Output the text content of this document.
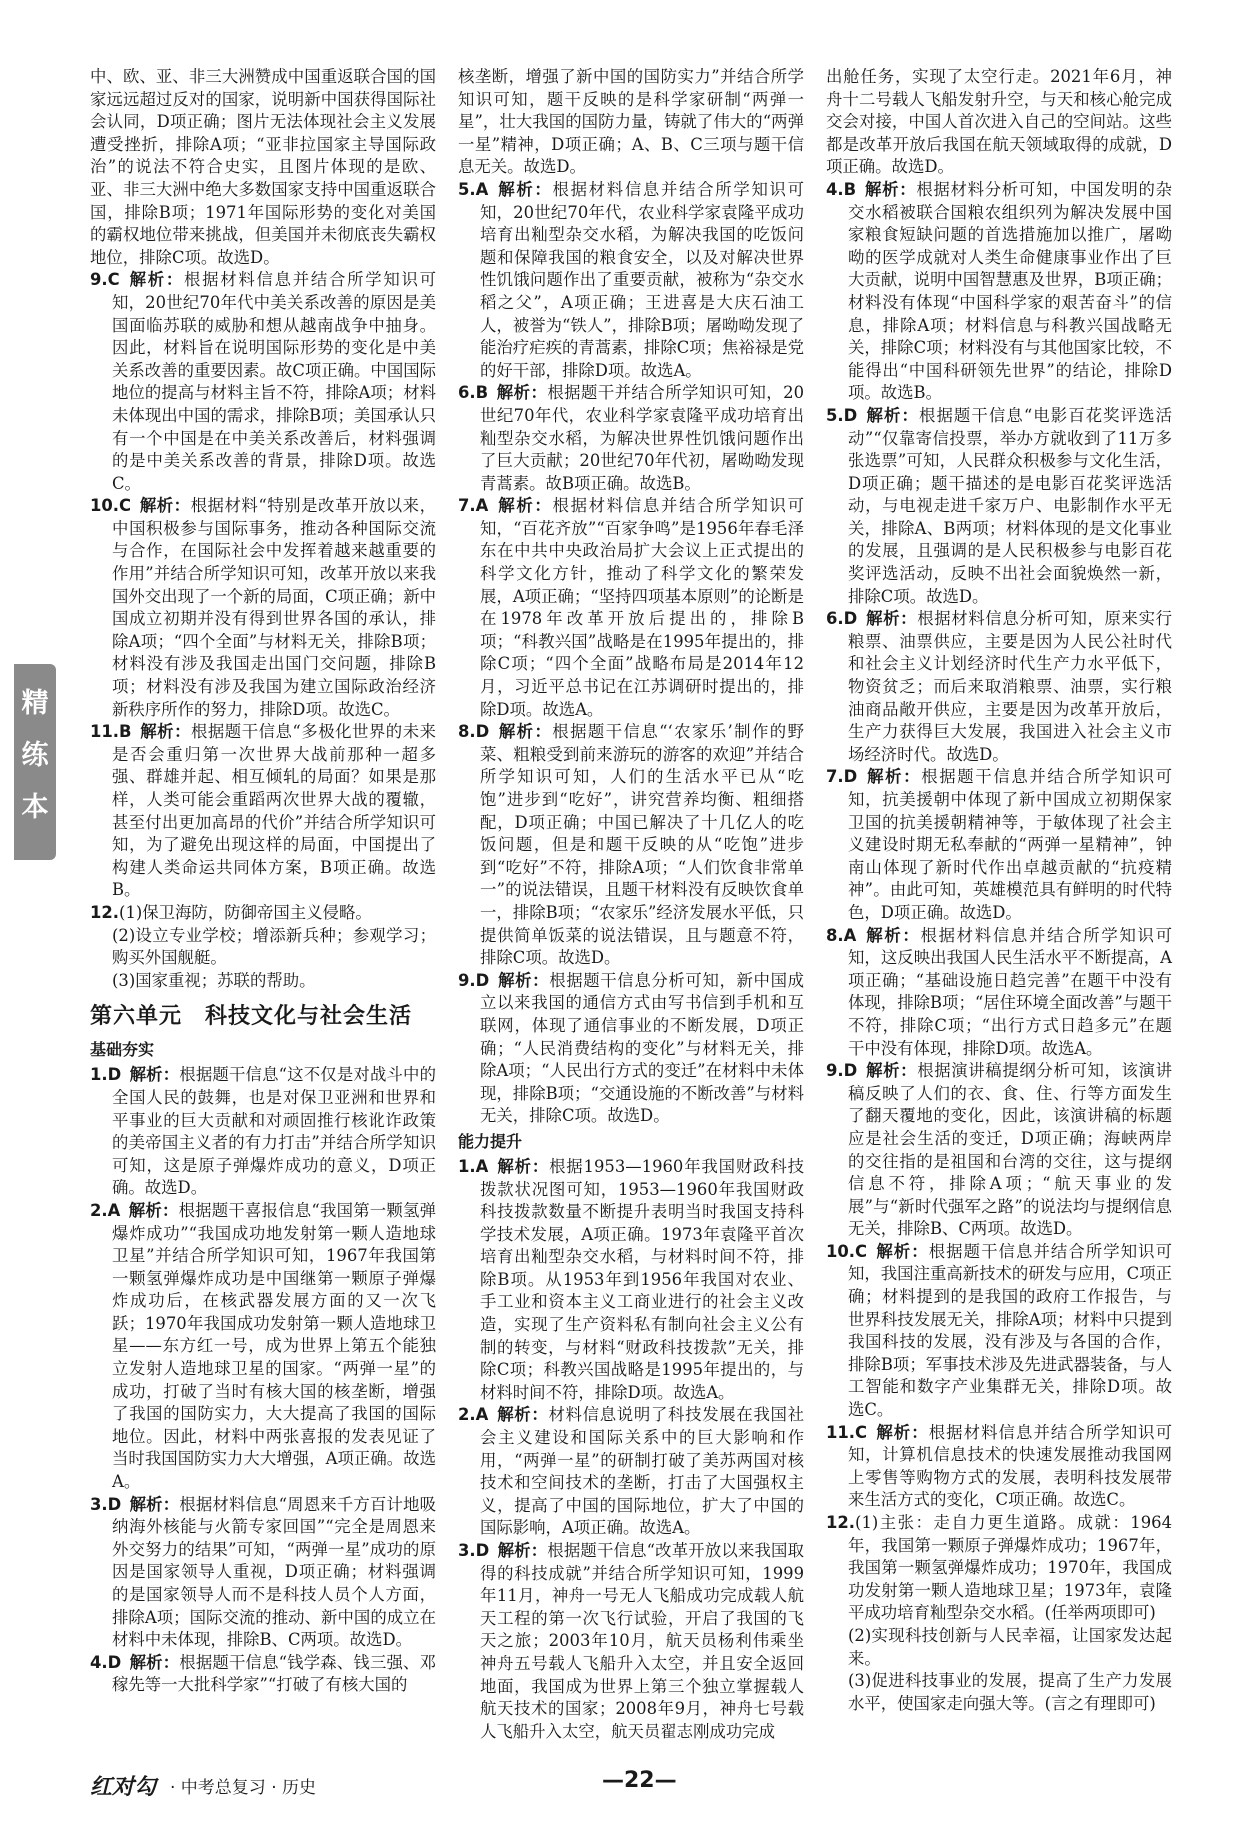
精练本

中、欧、亚、非三大洲赞成中国重返联合国的国家远远超过反对的国家，说明新中国获得国际社会认同，D项正确；图片无法体现社会主义发展遭受挫折，排除A项；“亚非拉国家主导国际政治”的说法不符合史实，且图片体现的是欧、亚、非三大洲中绝大多数国家支持中国重返联合国，排除B项；1971年国际形势的变化对美国的霸权地位带来挑战，但美国并未彻底丧失霸权地位，排除C项。故选D。

9.C  解析：根据材料信息并结合所学知识可知，20世纪70年代中美关系改善的原因是美国面临苏联的威胁和想从越南战争中抽身。因此，材料旨在说明国际形势的变化是中美关系改善的重要因素。故C项正确。中国国际地位的提高与材料主旨不符，排除A项；材料未体现出中国的需求，排除B项；美国承认只有一个中国是在中美关系改善后，材料强调的是中美关系改善的背景，排除D项。故选C。

10.C  解析：根据材料“特别是改革开放以来，中国积极参与国际事务，推动各种国际交流与合作，在国际社会中发挥着越来越重要的作用”并结合所学知识可知，改革开放以来我国外交出现了一个新的局面，C项正确；新中国成立初期并没有得到世界各国的承认，排除A项；“四个全面”与材料无关，排除B项；材料没有涉及我国走出国门交问题，排除B项；材料没有涉及我国为建立国际政治经济新秩序所作的努力，排除D项。故选C。

11.B  解析：根据题干信息“多极化世界的未来是否会重归第一次世界大战前那种一超多强、群雄并起、相互倾轧的局面？如果是那样，人类可能会重蹈两次世界大战的覆辙，甚至付出更加高昂的代价”并结合所学知识可知，为了避免出现这样的局面，中国提出了构建人类命运共同体方案，B项正确。故选B。

12.(1)保卫海防，防御帝国主义侵略。

(2)设立专业学校；增添新兵种；参观学习；购买外国舰艇。

(3)国家重视；苏联的帮助。

第六单元　科技文化与社会生活
基础夯实

1.D  解析：根据题干信息“这不仅是对战斗中的全国人民的鼓舞，也是对保卫亚洲和世界和平事业的巨大贡献和对顽固推行核讹诈政策的美帝国主义者的有力打击”并结合所学知识可知，这是原子弹爆炸成功的意义，D项正确。故选D。

2.A  解析：根据题干喜报信息“我国第一颗氢弹爆炸成功”“我国成功地发射第一颗人造地球卫星”并结合所学知识可知，1967年我国第一颗氢弹爆炸成功是中国继第一颗原子弹爆炸成功后，在核武器发展方面的又一次飞跃；1970年我国成功发射第一颗人造地球卫星——东方红一号，成为世界上第五个能独立发射人造地球卫星的国家。“两弹一星”的成功，打破了当时有核大国的核垄断，增强了我国的国防实力，大大提高了我国的国际地位。因此，材料中两张喜报的发表见证了当时我国国防实力大大增强，A项正确。故选A。

3.D  解析：根据材料信息“周恩来千方百计地吸纳海外核能与火箭专家回国”“完全是周恩来外交努力的结果”可知，“两弹一星”成功的原因是国家领导人重视，D项正确；材料强调的是国家领导人而不是科技人员个人方面，排除A项；国际交流的推动、新中国的成立在材料中未体现，排除B、C两项。故选D。

4.D  解析：根据题干信息“钱学森、钱三强、邓稼先等一大批科学家”“打破了有核大国的

核垄断，增强了新中国的国防实力”并结合所学知识可知，题干反映的是科学家研制“两弹一星”，壮大我国的国防力量，铸就了伟大的“两弹一星”精神，D项正确；A、B、C三项与题干信息无关。故选D。

5.A  解析：根据材料信息并结合所学知识可知，20世纪70年代，农业科学家袁隆平成功培育出籼型杂交水稻，为解决我国的吃饭问题和保障我国的粮食安全，以及对解决世界性饥饿问题作出了重要贡献，被称为“杂交水稻之父”，A项正确；王进喜是大庆石油工人，被誉为“铁人”，排除B项；屠呦呦发现了能治疗疟疾的青蒿素，排除C项；焦裕禄是党的好干部，排除D项。故选A。

6.B  解析：根据题干并结合所学知识可知，20世纪70年代，农业科学家袁隆平成功培育出籼型杂交水稻，为解决世界性饥饿问题作出了巨大贡献；20世纪70年代初，屠呦呦发现青蒿素。故B项正确。故选B。

7.A  解析：根据材料信息并结合所学知识可知，“百花齐放”“百家争鸣”是1956年春毛泽东在中共中央政治局扩大会议上正式提出的科学文化方针，推动了科学文化的繁荣发展，A项正确；“坚持四项基本原则”的论断是在1978年改革开放后提出的，排除B项；“科教兴国”战略是在1995年提出的，排除C项；“四个全面”战略布局是2014年12月，习近平总书记在江苏调研时提出的，排除D项。故选A。

8.D  解析：根据题干信息“‘农家乐’制作的野菜、粗粮受到前来游玩的游客的欢迎”并结合所学知识可知，人们的生活水平已从“吃饱”进步到“吃好”，讲究营养均衡、粗细搭配，D项正确；中国已解决了十几亿人的吃饭问题，但是和题干反映的从“吃饱”进步到“吃好”不符，排除A项；“人们饮食非常单一”的说法错误，且题干材料没有反映饮食单一，排除B项；“农家乐”经济发展水平低，只提供简单饭菜的说法错误，且与题意不符，排除C项。故选D。

9.D  解析：根据题干信息分析可知，新中国成立以来我国的通信方式由写书信到手机和互联网，体现了通信事业的不断发展，D项正确；“人民消费结构的变化”与材料无关，排除A项；“人民出行方式的变迁”在材料中未体现，排除B项；“交通设施的不断改善”与材料无关，排除C项。故选D。

能力提升

1.A  解析：根据1953—1960年我国财政科技拨款状况图可知，1953—1960年我国财政科技拨款数量不断提升表明当时我国支持科学技术发展，A项正确。1973年袁隆平首次培育出籼型杂交水稻，与材料时间不符，排除B项。从1953年到1956年我国对农业、手工业和资本主义工商业进行的社会主义改造，实现了生产资料私有制向社会主义公有制的转变，与材料“财政科技拨款”无关，排除C项；科教兴国战略是1995年提出的，与材料时间不符，排除D项。故选A。

2.A  解析：材料信息说明了科技发展在我国社会主义建设和国际关系中的巨大影响和作用，“两弹一星”的研制打破了美苏两国对核技术和空间技术的垄断，打击了大国强权主义，提高了中国的国际地位，扩大了中国的国际影响，A项正确。故选A。

3.D  解析：根据题干信息“改革开放以来我国取得的科技成就”并结合所学知识可知，1999年11月，神舟一号无人飞船成功完成载人航天工程的第一次飞行试验，开启了我国的飞天之旅；2003年10月，航天员杨利伟乘坐神舟五号载人飞船升入太空，并且安全返回地面，我国成为世界上第三个独立掌握载人航天技术的国家；2008年9月，神舟七号载人飞船升入太空，航天员翟志刚成功完成

出舱任务，实现了太空行走。2021年6月，神舟十二号载人飞船发射升空，与天和核心舱完成交会对接，中国人首次进入自己的空间站。这些都是改革开放后我国在航天领域取得的成就，D项正确。故选D。

4.B  解析：根据材料分析可知，中国发明的杂交水稻被联合国粮农组织列为解决发展中国家粮食短缺问题的首选措施加以推广，屠呦呦的医学成就对人类生命健康事业作出了巨大贡献，说明中国智慧惠及世界，B项正确；材料没有体现“中国科学家的艰苦奋斗”的信息，排除A项；材料信息与科教兴国战略无关，排除C项；材料没有与其他国家比较，不能得出“中国科研领先世界”的结论，排除D项。故选B。

5.D  解析：根据题干信息“电影百花奖评选活动”“仅靠寄信投票，举办方就收到了11万多张选票”可知，人民群众积极参与文化生活，D项正确；题干描述的是电影百花奖评选活动，与电视走进千家万户、电影制作水平无关，排除A、B两项；材料体现的是文化事业的发展，且强调的是人民积极参与电影百花奖评选活动，反映不出社会面貌焕然一新，排除C项。故选D。

6.D  解析：根据材料信息分析可知，原来实行粮票、油票供应，主要是因为人民公社时代和社会主义计划经济时代生产力水平低下，物资贫乏；而后来取消粮票、油票，实行粮油商品敞开供应，主要是因为改革开放后，生产力获得巨大发展，我国进入社会主义市场经济时代。故选D。

7.D  解析：根据题干信息并结合所学知识可知，抗美援朝中体现了新中国成立初期保家卫国的抗美援朝精神等，于敏体现了社会主义建设时期无私奉献的“两弹一星精神”，钟南山体现了新时代作出卓越贡献的“抗疫精神”。由此可知，英雄模范具有鲜明的时代特色，D项正确。故选D。

8.A  解析：根据材料信息并结合所学知识可知，这反映出我国人民生活水平不断提高，A项正确；“基础设施日趋完善”在题干中没有体现，排除B项；“居住环境全面改善”与题干不符，排除C项；“出行方式日趋多元”在题干中没有体现，排除D项。故选A。

9.D  解析：根据演讲稿提纲分析可知，该演讲稿反映了人们的衣、食、住、行等方面发生了翻天覆地的变化，因此，该演讲稿的标题应是社会生活的变迁，D项正确；海峡两岸的交往指的是祖国和台湾的交往，这与提纲信息不符，排除A项；“航天事业的发展”与“新时代强军之路”的说法均与提纲信息无关，排除B、C两项。故选D。

10.C  解析：根据题干信息并结合所学知识可知，我国注重高新技术的研发与应用，C项正确；材料提到的是我国的政府工作报告，与世界科技发展无关，排除A项；材料中只提到我国科技的发展，没有涉及与各国的合作，排除B项；军事技术涉及先进武器装备，与人工智能和数字产业集群无关，排除D项。故选C。

11.C  解析：根据材料信息并结合所学知识可知，计算机信息技术的快速发展推动我国网上零售等购物方式的发展，表明科技发展带来生活方式的变化，C项正确。故选C。

12.(1)主张：走自力更生道路。成就：1964年，我国第一颗原子弹爆炸成功；1967年，我国第一颗氢弹爆炸成功；1970年，我国成功发射第一颗人造地球卫星；1973年，袁隆平成功培育籼型杂交水稻。(任举两项即可)

(2)实现科技创新与人民幸福，让国家发达起来。

(3)促进科技事业的发展，提高了生产力发展水平，使国家走向强大等。(言之有理即可)

红对勾 · 中考总复习 · 历史	—22—
